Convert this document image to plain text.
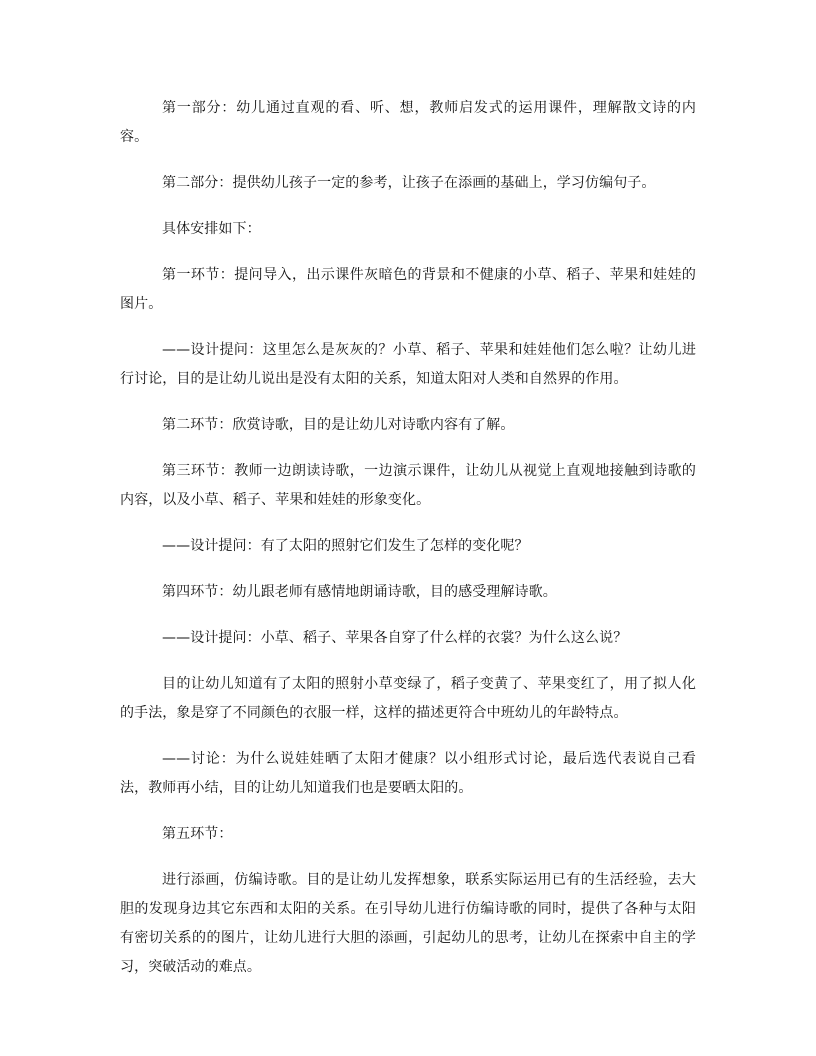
第一部分：幼儿通过直观的看、听、想，教师启发式的运用课件，理解散文诗的内容。

第二部分：提供幼儿孩子一定的参考，让孩子在添画的基础上，学习仿编句子。

具体安排如下：

第一环节：提问导入，出示课件灰暗色的背景和不健康的小草、稻子、苹果和娃娃的图片。

——设计提问：这里怎么是灰灰的？小草、稻子、苹果和娃娃他们怎么啦？让幼儿进行讨论，目的是让幼儿说出是没有太阳的关系，知道太阳对人类和自然界的作用。

第二环节：欣赏诗歌，目的是让幼儿对诗歌内容有了解。

第三环节：教师一边朗读诗歌，一边演示课件，让幼儿从视觉上直观地接触到诗歌的内容，以及小草、稻子、苹果和娃娃的形象变化。

——设计提问：有了太阳的照射它们发生了怎样的变化呢？

第四环节：幼儿跟老师有感情地朗诵诗歌，目的感受理解诗歌。

——设计提问：小草、稻子、苹果各自穿了什么样的衣裳？为什么这么说？

目的让幼儿知道有了太阳的照射小草变绿了，稻子变黄了、苹果变红了，用了拟人化的手法，象是穿了不同颜色的衣服一样，这样的描述更符合中班幼儿的年龄特点。

——讨论：为什么说娃娃晒了太阳才健康？以小组形式讨论，最后选代表说自己看法，教师再小结，目的让幼儿知道我们也是要晒太阳的。

第五环节：

进行添画，仿编诗歌。目的是让幼儿发挥想象，联系实际运用已有的生活经验，去大胆的发现身边其它东西和太阳的关系。在引导幼儿进行仿编诗歌的同时，提供了各种与太阳有密切关系的的图片，让幼儿进行大胆的添画，引起幼儿的思考，让幼儿在探索中自主的学习，突破活动的难点。
